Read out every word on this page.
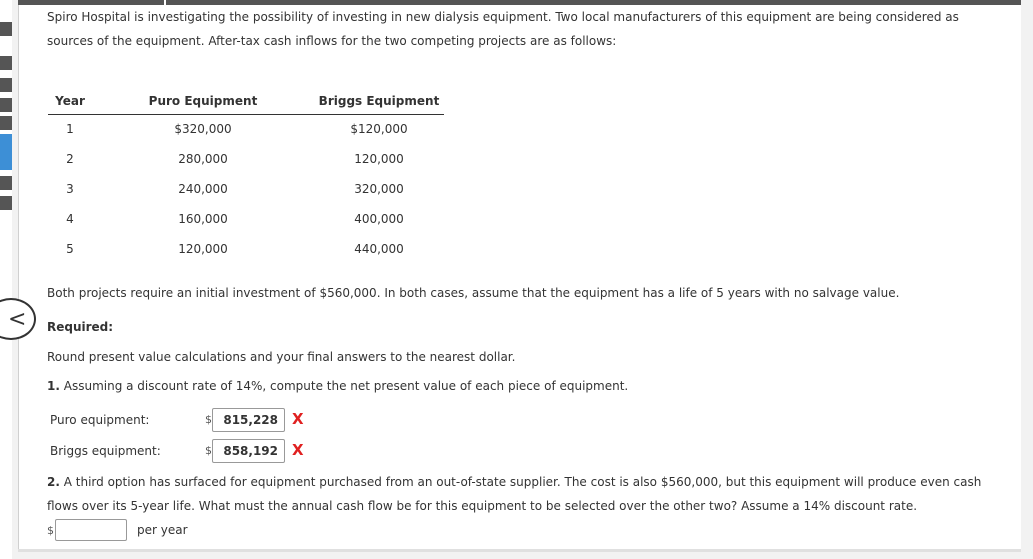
Spiro Hospital is investigating the possibility of investing in new dialysis equipment. Two local manufacturers of this equipment are being considered as
sources of the equipment. After-tax cash inflows for the two competing projects are as follows:
Year	Puro Equipment	Briggs Equipment
1	$320,000	$120,000
2	280,000	120,000
3	240,000	320,000
4	160,000	400,000
5	120,000	440,000
Both projects require an initial investment of $560,000. In both cases, assume that the equipment has a life of 5 years with no salvage value.
< Required:
Round present value calculations and your final answers to the nearest dollar.
1. Assuming a discount rate of 14%, compute the net present value of each piece of equipment.
Puro equipment:	$ 815,228 X
Briggs equipment:	$ 858,192 X
2. A third option has surfaced for equipment purchased from an out-of-state supplier. The cost is also $560,000, but this equipment will produce even cash
flows over its 5-year life. What must the annual cash flow be for this equipment to be selected over the other two? Assume a 14% discount rate.
$	per year
